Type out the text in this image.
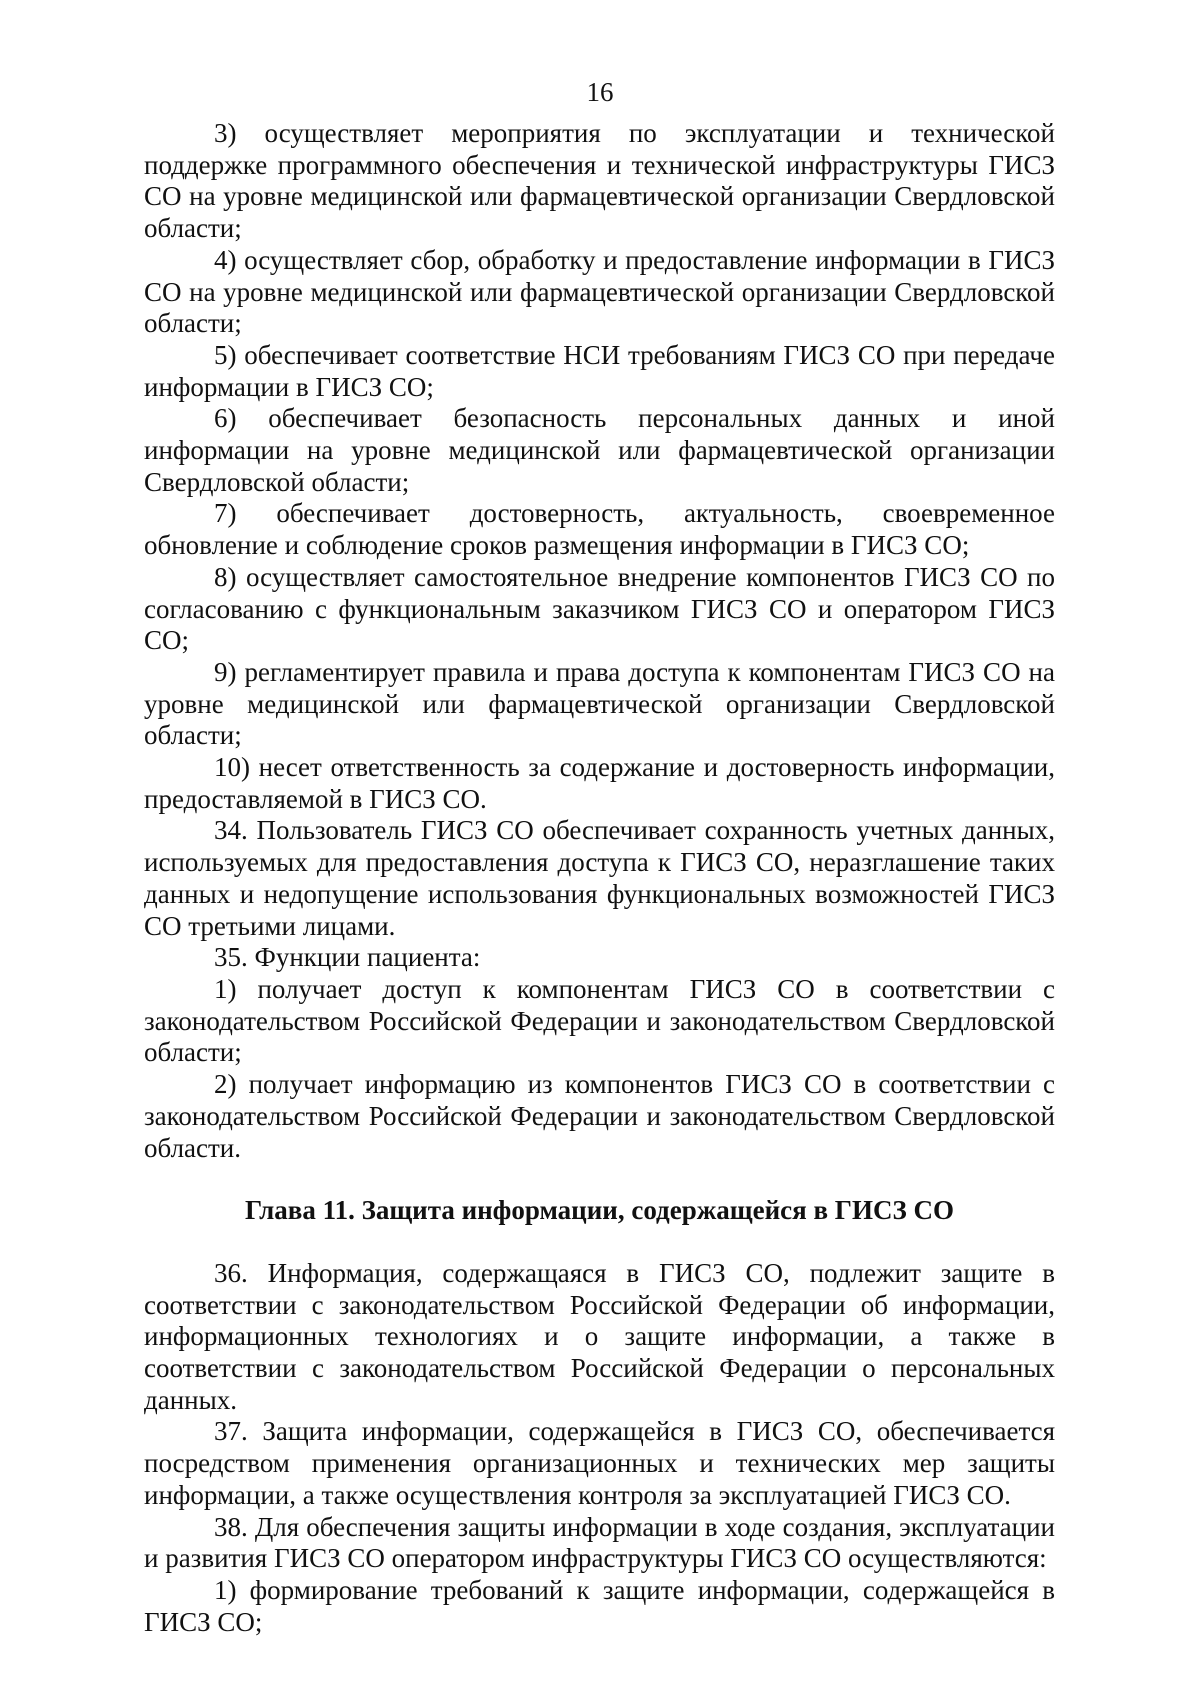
16

3) осуществляет мероприятия по эксплуатации и технической поддержке программного обеспечения и технической инфраструктуры ГИСЗ СО на уровне медицинской или фармацевтической организации Свердловской области;

4) осуществляет сбор, обработку и предоставление информации в ГИСЗ СО на уровне медицинской или фармацевтической организации Свердловской области;

5) обеспечивает соответствие НСИ требованиям ГИСЗ СО при передаче информации в ГИСЗ СО;

6) обеспечивает безопасность персональных данных и иной информации на уровне медицинской или фармацевтической организации Свердловской области;

7) обеспечивает достоверность, актуальность, своевременное обновление и соблюдение сроков размещения информации в ГИСЗ СО;

8) осуществляет самостоятельное внедрение компонентов ГИСЗ СО по согласованию с функциональным заказчиком ГИСЗ СО и оператором ГИСЗ СО;

9) регламентирует правила и права доступа к компонентам ГИСЗ СО на уровне медицинской или фармацевтической организации Свердловской области;

10) несет ответственность за содержание и достоверность информации, предоставляемой в ГИСЗ СО.

34. Пользователь ГИСЗ СО обеспечивает сохранность учетных данных, используемых для предоставления доступа к ГИСЗ СО, неразглашение таких данных и недопущение использования функциональных возможностей ГИСЗ СО третьими лицами.

35. Функции пациента:

1) получает доступ к компонентам ГИСЗ СО в соответствии с законодательством Российской Федерации и законодательством Свердловской области;

2) получает информацию из компонентов ГИСЗ СО в соответствии с законодательством Российской Федерации и законодательством Свердловской области.

Глава 11. Защита информации, содержащейся в ГИСЗ СО

36. Информация, содержащаяся в ГИСЗ СО, подлежит защите в соответствии с законодательством Российской Федерации об информации, информационных технологиях и о защите информации, а также в соответствии с законодательством Российской Федерации о персональных данных.

37. Защита информации, содержащейся в ГИСЗ СО, обеспечивается посредством применения организационных и технических мер защиты информации, а также осуществления контроля за эксплуатацией ГИСЗ СО.

38. Для обеспечения защиты информации в ходе создания, эксплуатации и развития ГИСЗ СО оператором инфраструктуры ГИСЗ СО осуществляются:

1) формирование требований к защите информации, содержащейся в ГИСЗ СО;
